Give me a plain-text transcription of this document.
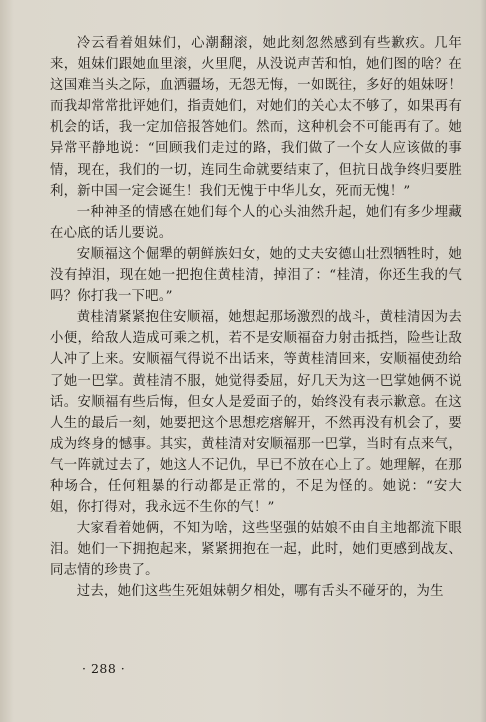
冷云看着姐妹们，心潮翻滚，她此刻忽然感到有些歉疚。几年来，姐妹们跟她血里滚，火里爬，从没说声苦和怕，她们图的啥？在这国难当头之际，血洒疆场，无怨无悔，一如既往，多好的姐妹呀！而我却常常批评她们，指责她们，对她们的关心太不够了，如果再有机会的话，我一定加倍报答她们。然而，这种机会不可能再有了。她异常平静地说：“回顾我们走过的路，我们做了一个女人应该做的事情，现在，我们的一切，连同生命就要结束了，但抗日战争终归要胜利，新中国一定会诞生！我们无愧于中华儿女，死而无愧！”

一种神圣的情感在她们每个人的心头油然升起，她们有多少埋藏在心底的话儿要说。

安顺福这个倔犟的朝鲜族妇女，她的丈夫安德山壮烈牺牲时，她没有掉泪，现在她一把抱住黄桂清，掉泪了：“桂清，你还生我的气吗？你打我一下吧。”

黄桂清紧紧抱住安顺福，她想起那场激烈的战斗，黄桂清因为去小便，给敌人造成可乘之机，若不是安顺福奋力射击抵挡，险些让敌人冲了上来。安顺福气得说不出话来，等黄桂清回来，安顺福使劲给了她一巴掌。黄桂清不服，她觉得委屈，好几天为这一巴掌她俩不说话。安顺福有些后悔，但女人是爱面子的，始终没有表示歉意。在这人生的最后一刻，她要把这个思想疙瘩解开，不然再没有机会了，要成为终身的憾事。其实，黄桂清对安顺福那一巴掌，当时有点来气，气一阵就过去了，她这人不记仇，早已不放在心上了。她理解，在那种场合，任何粗暴的行动都是正常的，不足为怪的。她说：“安大姐，你打得对，我永远不生你的气！”

大家看着她俩，不知为啥，这些坚强的姑娘不由自主地都流下眼泪。她们一下拥抱起来，紧紧拥抱在一起，此时，她们更感到战友、同志情的珍贵了。

过去，她们这些生死姐妹朝夕相处，哪有舌头不碰牙的，为生

· 288 ·
